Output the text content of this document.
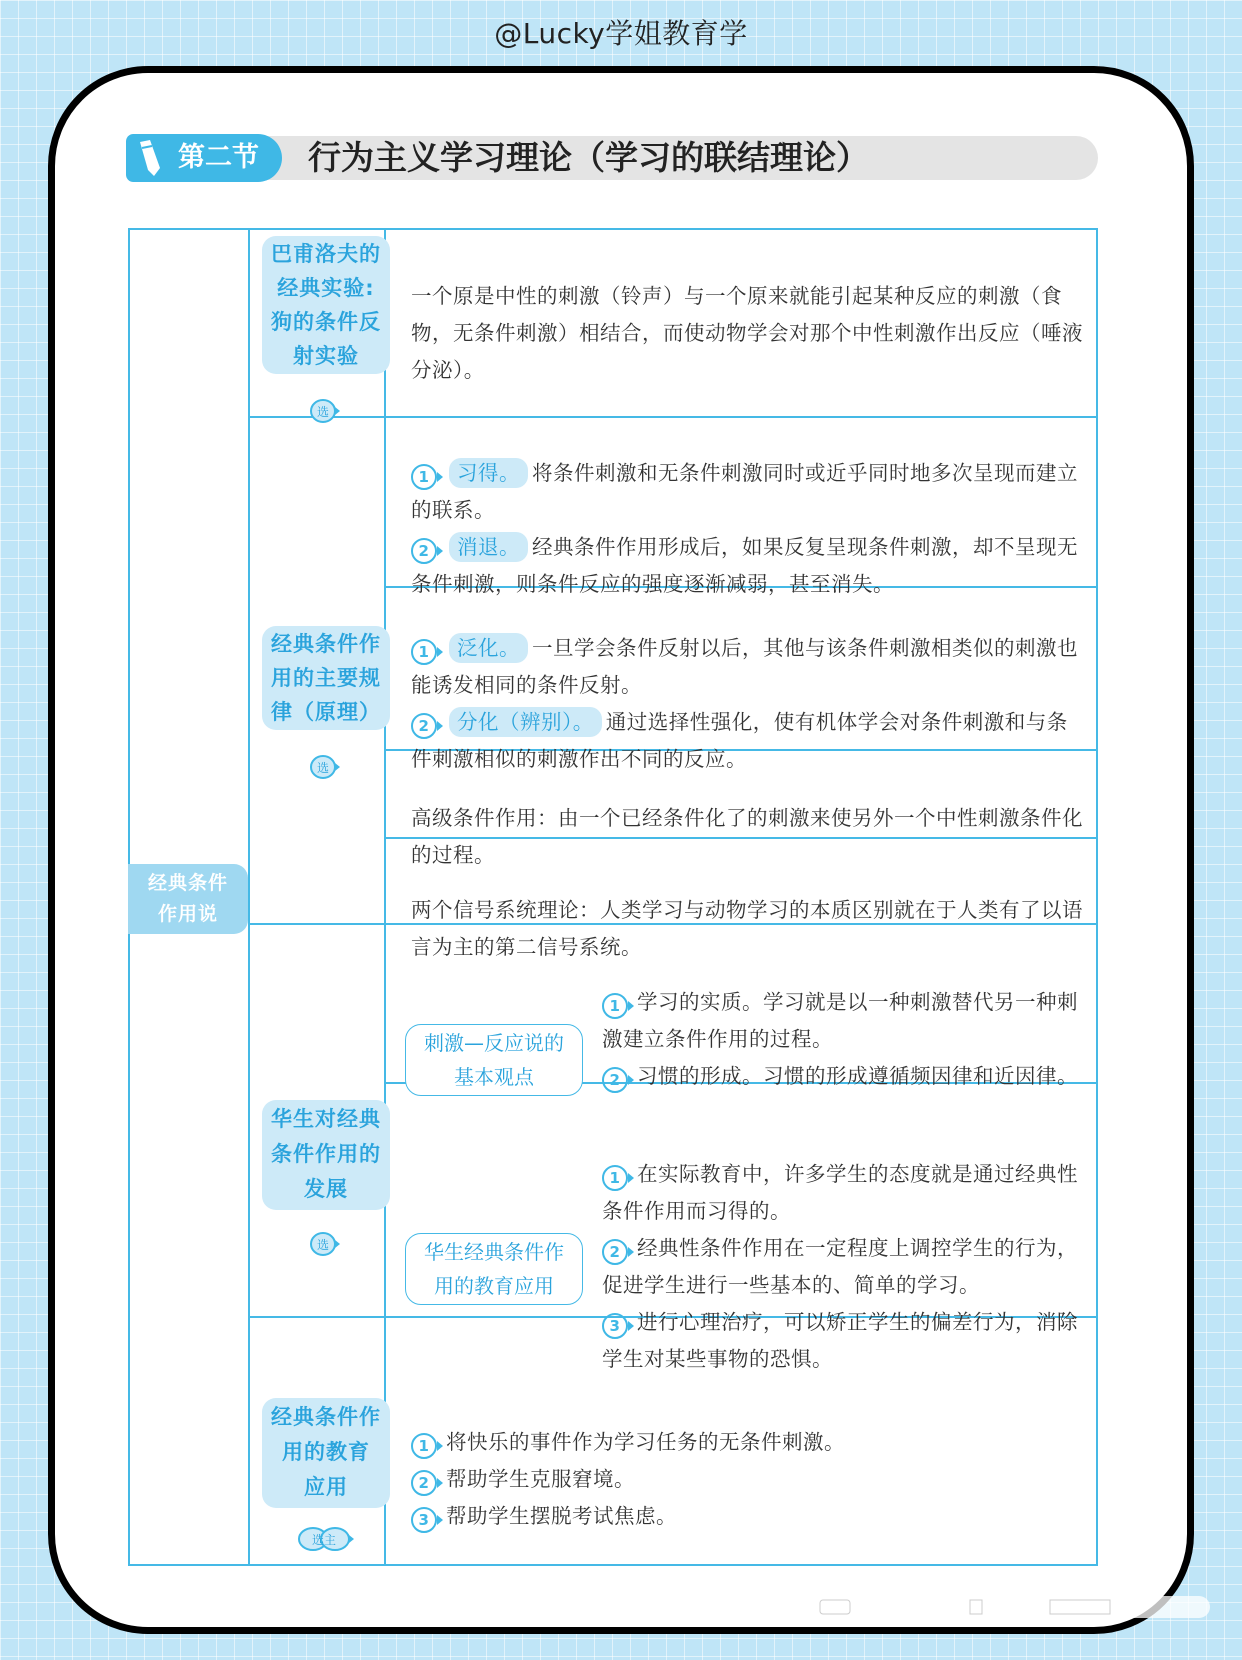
@Lucky学姐教育学
第二节	行为主义学习理论（学习的联结理论）
经典条件
作用说
巴甫洛夫的
经典实验:
狗的条件反
射实验
选
一个原是中性的刺激（铃声）与一个原来就能引起某种反应的刺激（食物，无条件刺激）相结合，而使动物学会对那个中性刺激作出反应（唾液分泌）。
经典条件作
用的主要规
律（原理）
选
1 习得。 将条件刺激和无条件刺激同时或近乎同时地多次呈现而建立的联系。
2 消退。 经典条件作用形成后，如果反复呈现条件刺激，却不呈现无条件刺激，则条件反应的强度逐渐减弱，甚至消失。
1 泛化。 一旦学会条件反射以后，其他与该条件刺激相类似的刺激也能诱发相同的条件反射。
2 分化（辨别）。 通过选择性强化，使有机体学会对条件刺激和与条件刺激相似的刺激作出不同的反应。
高级条件作用：由一个已经条件化了的刺激来使另外一个中性刺激条件化的过程。
两个信号系统理论：人类学习与动物学习的本质区别就在于人类有了以语言为主的第二信号系统。
华生对经典
条件作用的
发展
选
刺激—反应说的
基本观点
1 学习的实质。学习就是以一种刺激替代另一种刺激建立条件作用的过程。
2 习惯的形成。习惯的形成遵循频因律和近因律。
华生经典条件作
用的教育应用
1 在实际教育中，许多学生的态度就是通过经典性条件作用而习得的。
2 经典性条件作用在一定程度上调控学生的行为，促进学生进行一些基本的、简单的学习。
3 进行心理治疗，可以矫正学生的偏差行为，消除学生对某些事物的恐惧。
经典条件作
用的教育
应用
选主
1 将快乐的事件作为学习任务的无条件刺激。
2 帮助学生克服窘境。
3 帮助学生摆脱考试焦虑。
